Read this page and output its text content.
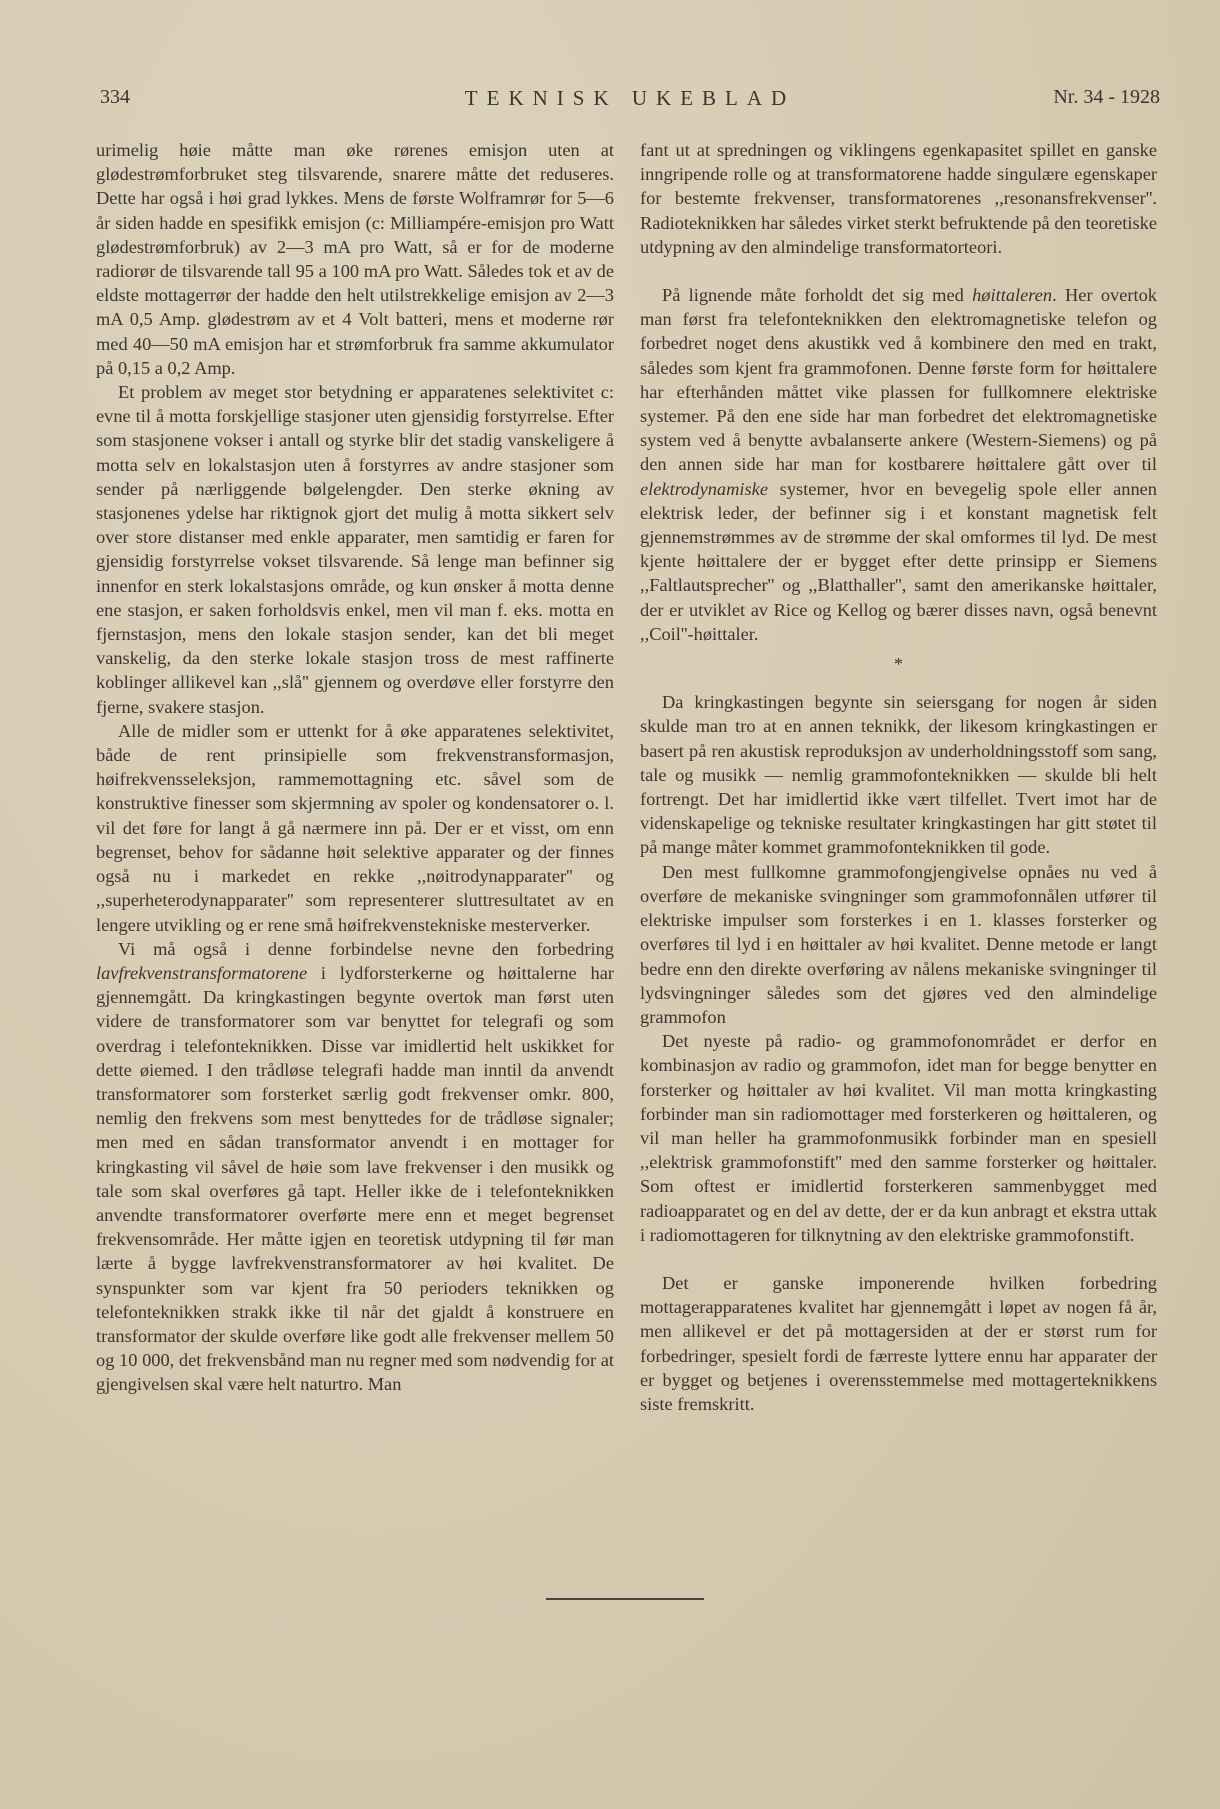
334	TEKNISK UKEBLAD	Nr. 34 - 1928

urimelig høie måtte man øke rørenes emisjon uten at glødestrømforbruket steg tilsvarende, snarere måtte det reduseres. Dette har også i høi grad lykkes. Mens de første Wolframrør for 5—6 år siden hadde en spesifikk emisjon (c: Milliampére-emisjon pro Watt glødestrømforbruk) av 2—3 mA pro Watt, så er for de moderne radiorør de tilsvarende tall 95 a 100 mA pro Watt. Således tok et av de eldste mottagerrør der hadde den helt utilstrekkelige emisjon av 2—3 mA 0,5 Amp. glødestrøm av et 4 Volt batteri, mens et moderne rør med 40—50 mA emisjon har et strømforbruk fra samme akkumulator på 0,15 a 0,2 Amp.

Et problem av meget stor betydning er apparatenes selektivitet c: evne til å motta forskjellige stasjoner uten gjensidig forstyrrelse. Efter som stasjonene vokser i antall og styrke blir det stadig vanskeligere å motta selv en lokalstasjon uten å forstyrres av andre stasjoner som sender på nærliggende bølgelengder. Den sterke økning av stasjonenes ydelse har riktignok gjort det mulig å motta sikkert selv over store distanser med enkle apparater, men samtidig er faren for gjensidig forstyrrelse vokset tilsvarende. Så lenge man befinner sig innenfor en sterk lokalstasjons område, og kun ønsker å motta denne ene stasjon, er saken forholdsvis enkel, men vil man f. eks. motta en fjernstasjon, mens den lokale stasjon sender, kan det bli meget vanskelig, da den sterke lokale stasjon tross de mest raffinerte koblinger allikevel kan ,,slå'' gjennem og overdøve eller forstyrre den fjerne, svakere stasjon.

Alle de midler som er uttenkt for å øke apparatenes selektivitet, både de rent prinsipielle som frekvenstransformasjon, høifrekvensseleksjon, rammemottagning etc. såvel som de konstruktive finesser som skjermning av spoler og kondensatorer o. l. vil det føre for langt å gå nærmere inn på. Der er et visst, om enn begrenset, behov for sådanne høit selektive apparater og der finnes også nu i markedet en rekke ,,nøitrodynapparater'' og ,,superheterodynapparater'' som representerer sluttresultatet av en lengere utvikling og er rene små høifrekvenstekniske mesterverker.

Vi må også i denne forbindelse nevne den forbedring lavfrekvenstransformatorene i lydforsterkerne og høittalerne har gjennemgått. Da kringkastingen begynte overtok man først uten videre de transformatorer som var benyttet for telegrafi og som overdrag i telefonteknikken. Disse var imidlertid helt uskikket for dette øiemed. I den trådløse telegrafi hadde man inntil da anvendt transformatorer som forsterket særlig godt frekvenser omkr. 800, nemlig den frekvens som mest benyttedes for de trådløse signaler; men med en sådan transformator anvendt i en mottager for kringkasting vil såvel de høie som lave frekvenser i den musikk og tale som skal overføres gå tapt. Heller ikke de i telefonteknikken anvendte transformatorer overførte mere enn et meget begrenset frekvensområde. Her måtte igjen en teoretisk utdypning til før man lærte å bygge lavfrekvenstransformatorer av høi kvalitet. De synspunkter som var kjent fra 50 perioders teknikken og telefonteknikken strakk ikke til når det gjaldt å konstruere en transformator der skulde overføre like godt alle frekvenser mellem 50 og 10 000, det frekvensbånd man nu regner med som nødvendig for at gjengivelsen skal være helt naturtro. Man

fant ut at spredningen og viklingens egenkapasitet spillet en ganske inngripende rolle og at transformatorene hadde singulære egenskaper for bestemte frekvenser, transformatorenes ,,resonansfrekvenser''. Radioteknikken har således virket sterkt befruktende på den teoretiske utdypning av den almindelige transformatorteori.

På lignende måte forholdt det sig med høittaleren. Her overtok man først fra telefonteknikken den elektromagnetiske telefon og forbedret noget dens akustikk ved å kombinere den med en trakt, således som kjent fra grammofonen. Denne første form for høittalere har efterhånden måttet vike plassen for fullkomnere elektriske systemer. På den ene side har man forbedret det elektromagnetiske system ved å benytte avbalanserte ankere (Western-Siemens) og på den annen side har man for kostbarere høittalere gått over til elektrodynamiske systemer, hvor en bevegelig spole eller annen elektrisk leder, der befinner sig i et konstant magnetisk felt gjennemstrømmes av de strømme der skal omformes til lyd. De mest kjente høittalere der er bygget efter dette prinsipp er Siemens ,,Faltlautsprecher'' og ,,Blatthaller'', samt den amerikanske høittaler, der er utviklet av Rice og Kellog og bærer disses navn, også benevnt ,,Coil''-høittaler.

*

Da kringkastingen begynte sin seiersgang for nogen år siden skulde man tro at en annen teknikk, der likesom kringkastingen er basert på ren akustisk reproduksjon av underholdningsstoff som sang, tale og musikk — nemlig grammofonteknikken — skulde bli helt fortrengt. Det har imidlertid ikke vært tilfellet. Tvert imot har de videnskapelige og tekniske resultater kringkastingen har gitt støtet til på mange måter kommet grammofonteknikken til gode.

Den mest fullkomne grammofongjengivelse opnåes nu ved å overføre de mekaniske svingninger som grammofonnålen utfører til elektriske impulser som forsterkes i en 1. klasses forsterker og overføres til lyd i en høittaler av høi kvalitet. Denne metode er langt bedre enn den direkte overføring av nålens mekaniske svingninger til lydsvingninger således som det gjøres ved den almindelige grammofon

Det nyeste på radio- og grammofonområdet er derfor en kombinasjon av radio og grammofon, idet man for begge benytter en forsterker og høittaler av høi kvalitet. Vil man motta kringkasting forbinder man sin radiomottager med forsterkeren og høittaleren, og vil man heller ha grammofonmusikk forbinder man en spesiell ,,elektrisk grammofonstift'' med den samme forsterker og høittaler. Som oftest er imidlertid forsterkeren sammenbygget med radioapparatet og en del av dette, der er da kun anbragt et ekstra uttak i radiomottageren for tilknytning av den elektriske grammofonstift.

Det er ganske imponerende hvilken forbedring mottagerapparatenes kvalitet har gjennemgått i løpet av nogen få år, men allikevel er det på mottagersiden at der er størst rum for forbedringer, spesielt fordi de færreste lyttere ennu har apparater der er bygget og betjenes i overensstemmelse med mottagerteknikkens siste fremskritt.
